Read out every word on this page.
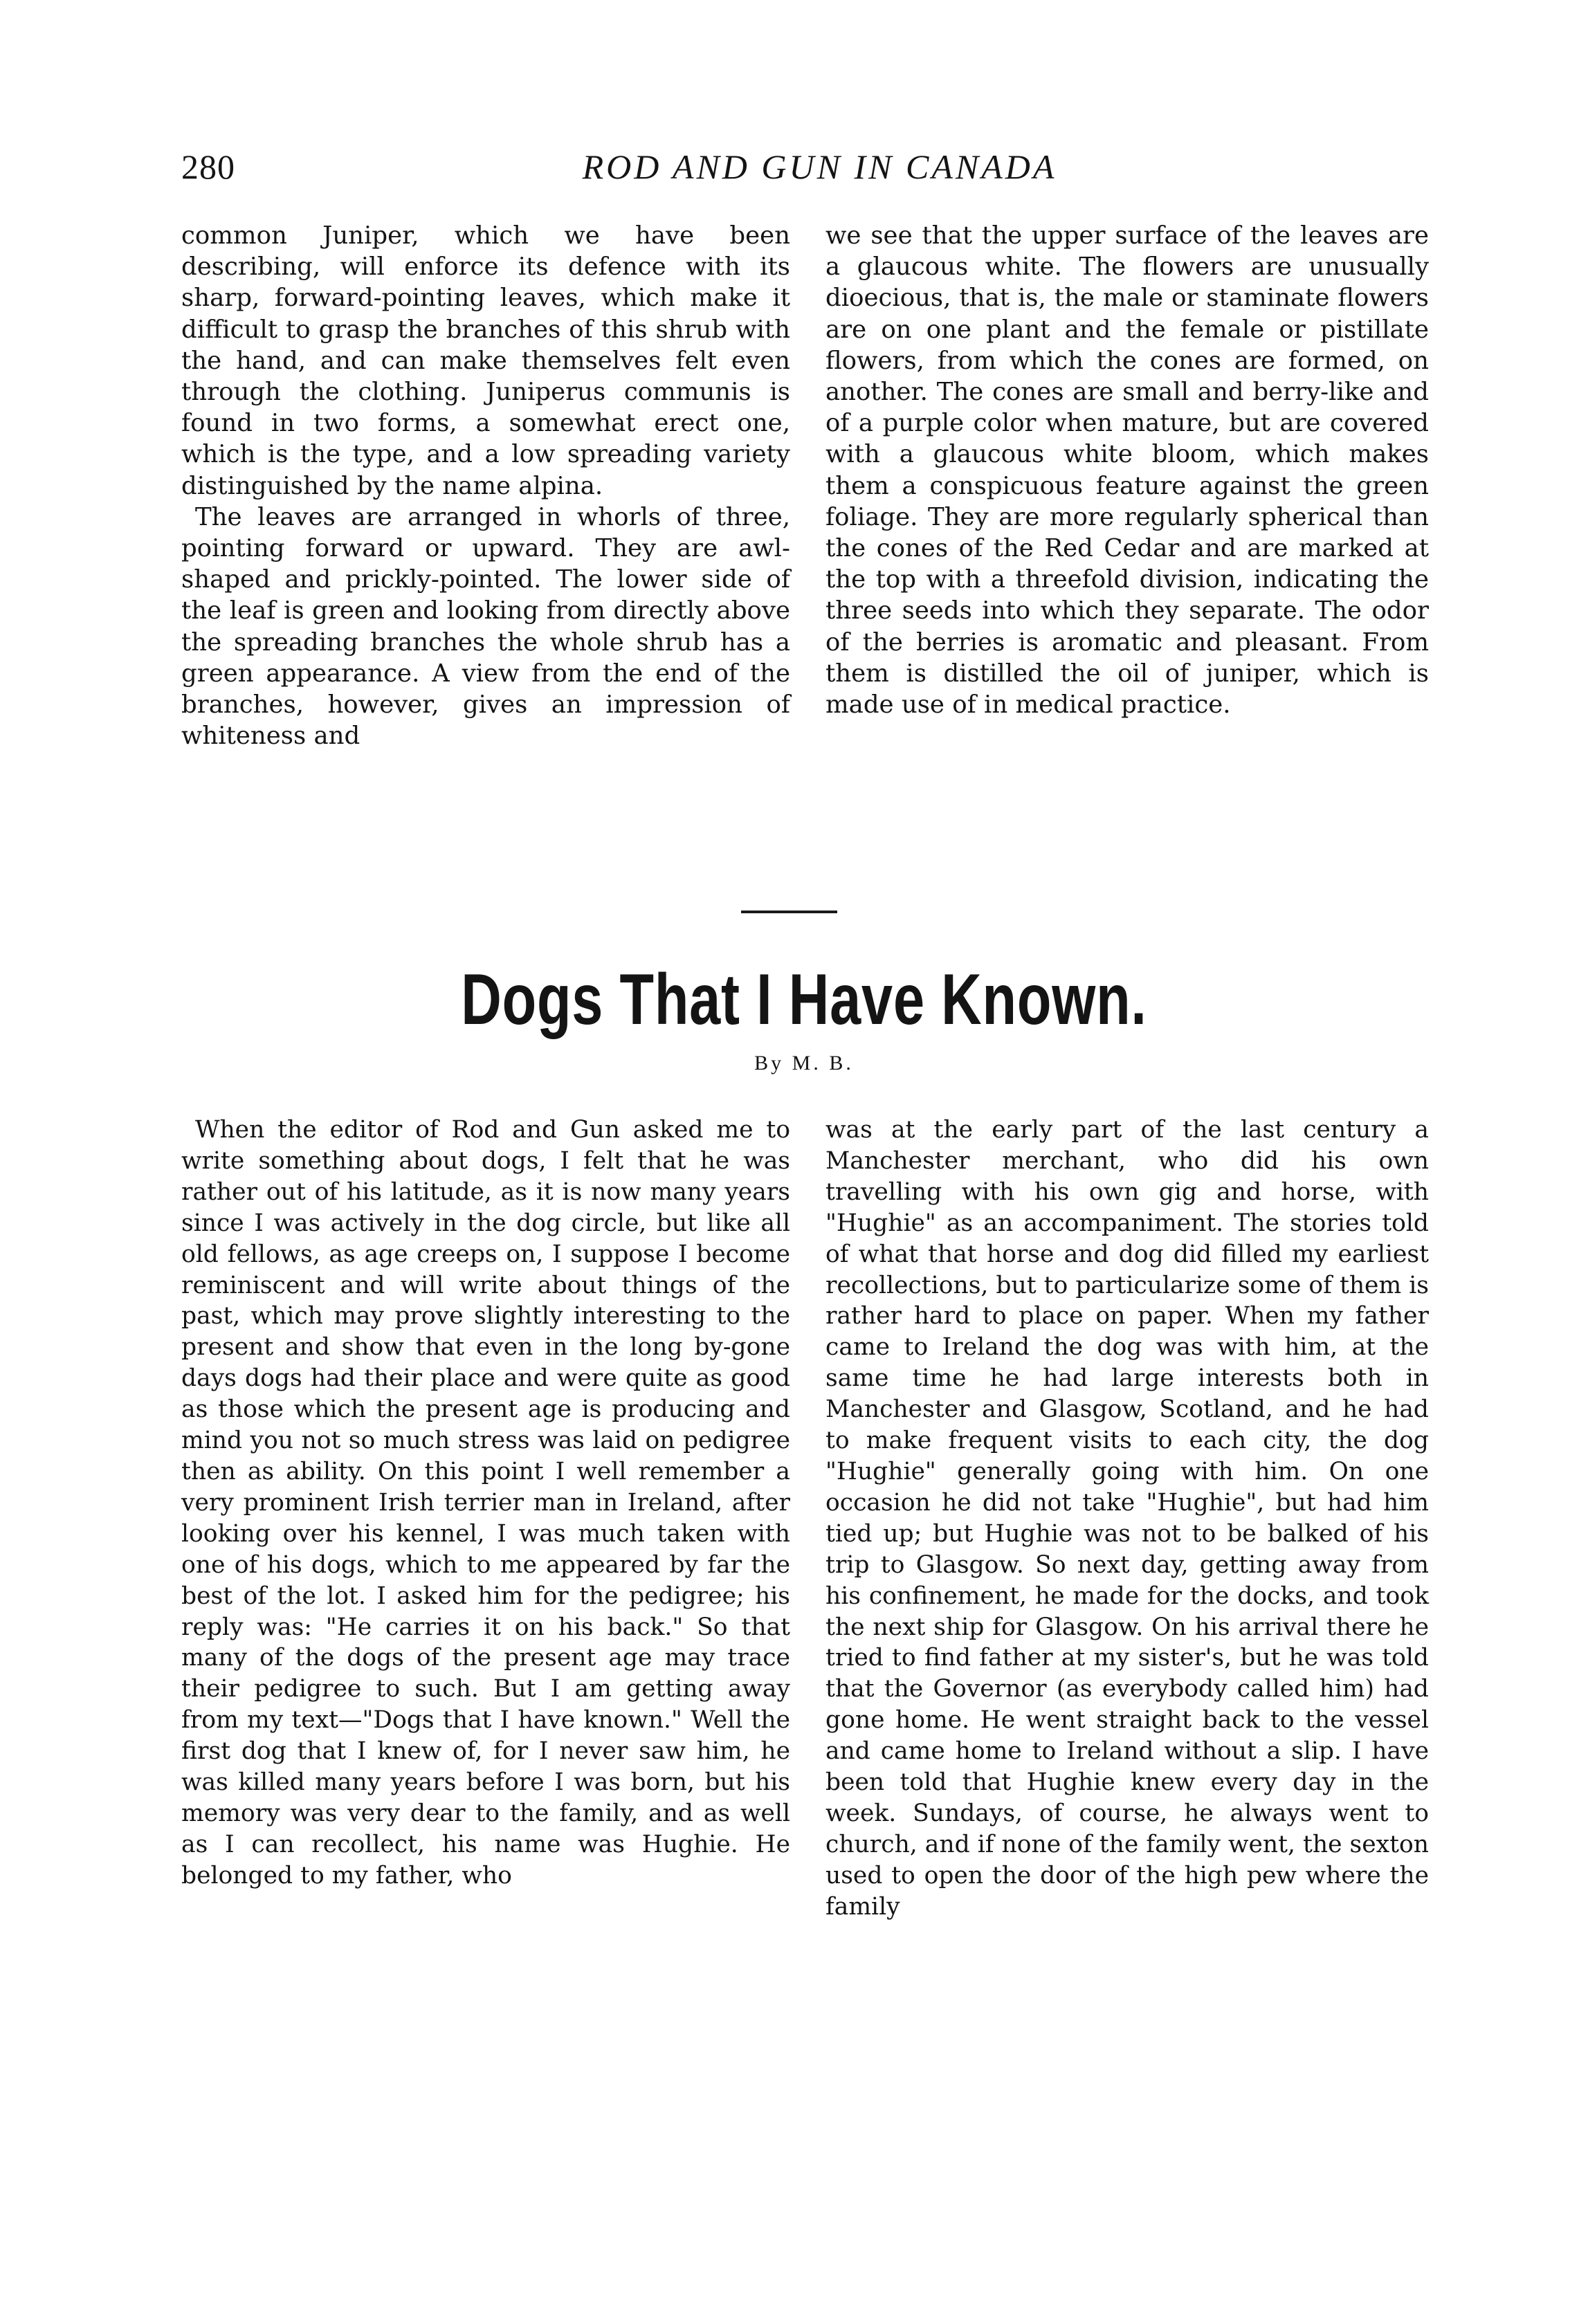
280	ROD AND GUN IN CANADA

common Juniper, which we have been describing, will enforce its defence with its sharp, forward-pointing leaves, which make it difficult to grasp the branches of this shrub with the hand, and can make themselves felt even through the clothing. Juniperus communis is found in two forms, a somewhat erect one, which is the type, and a low spreading variety distinguished by the name alpina.

The leaves are arranged in whorls of three, pointing forward or upward. They are awl-shaped and prickly-pointed. The lower side of the leaf is green and looking from directly above the spreading branches the whole shrub has a green appearance. A view from the end of the branches, however, gives an impression of whiteness and

we see that the upper surface of the leaves are a glaucous white. The flowers are unusually dioecious, that is, the male or staminate flowers are on one plant and the female or pistillate flowers, from which the cones are formed, on another. The cones are small and berry-like and of a purple color when mature, but are covered with a glaucous white bloom, which makes them a conspicuous feature against the green foliage. They are more regularly spherical than the cones of the Red Cedar and are marked at the top with a threefold division, indicating the three seeds into which they separate. The odor of the berries is aromatic and pleasant. From them is distilled the oil of juniper, which is made use of in medical practice.

Dogs That I Have Known.
By M. B.

When the editor of Rod and Gun asked me to write something about dogs, I felt that he was rather out of his latitude, as it is now many years since I was actively in the dog circle, but like all old fellows, as age creeps on, I suppose I become reminiscent and will write about things of the past, which may prove slightly interesting to the present and show that even in the long by-gone days dogs had their place and were quite as good as those which the present age is producing and mind you not so much stress was laid on pedigree then as ability. On this point I well remember a very prominent Irish terrier man in Ireland, after looking over his kennel, I was much taken with one of his dogs, which to me appeared by far the best of the lot. I asked him for the pedigree; his reply was: "He carries it on his back." So that many of the dogs of the present age may trace their pedigree to such. But I am getting away from my text—"Dogs that I have known." Well the first dog that I knew of, for I never saw him, he was killed many years before I was born, but his memory was very dear to the family, and as well as I can recollect, his name was Hughie. He belonged to my father, who

was at the early part of the last century a Manchester merchant, who did his own travelling with his own gig and horse, with "Hughie" as an accompaniment. The stories told of what that horse and dog did filled my earliest recollections, but to particularize some of them is rather hard to place on paper. When my father came to Ireland the dog was with him, at the same time he had large interests both in Manchester and Glasgow, Scotland, and he had to make frequent visits to each city, the dog "Hughie" generally going with him. On one occasion he did not take "Hughie", but had him tied up; but Hughie was not to be balked of his trip to Glasgow. So next day, getting away from his confinement, he made for the docks, and took the next ship for Glasgow. On his arrival there he tried to find father at my sister's, but he was told that the Governor (as everybody called him) had gone home. He went straight back to the vessel and came home to Ireland without a slip. I have been told that Hughie knew every day in the week. Sundays, of course, he always went to church, and if none of the family went, the sexton used to open the door of the high pew where the family
